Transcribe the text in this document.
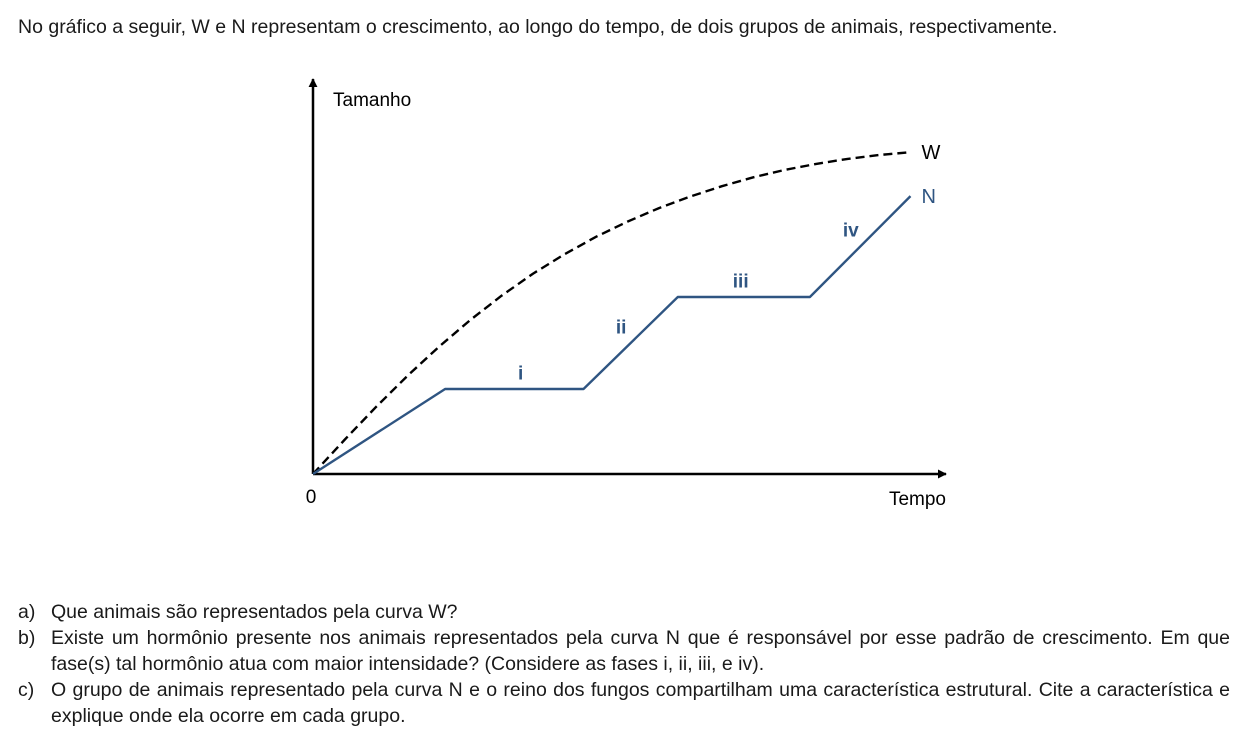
No gráfico a seguir, W e N representam o crescimento, ao longo do tempo, de dois grupos de animais, respectivamente.

W
N
i
ii
iii
iv
Tamanho
Tempo
0
a) Que animais são representados pela curva W?
b) Existe um hormônio presente nos animais representados pela curva N que é responsável por esse padrão de crescimento. Em que fase(s) tal hormônio atua com maior intensidade? (Considere as fases i, ii, iii, e iv).
c) O grupo de animais representado pela curva N e o reino dos fungos compartilham uma característica estrutural. Cite a característica e explique onde ela ocorre em cada grupo.
